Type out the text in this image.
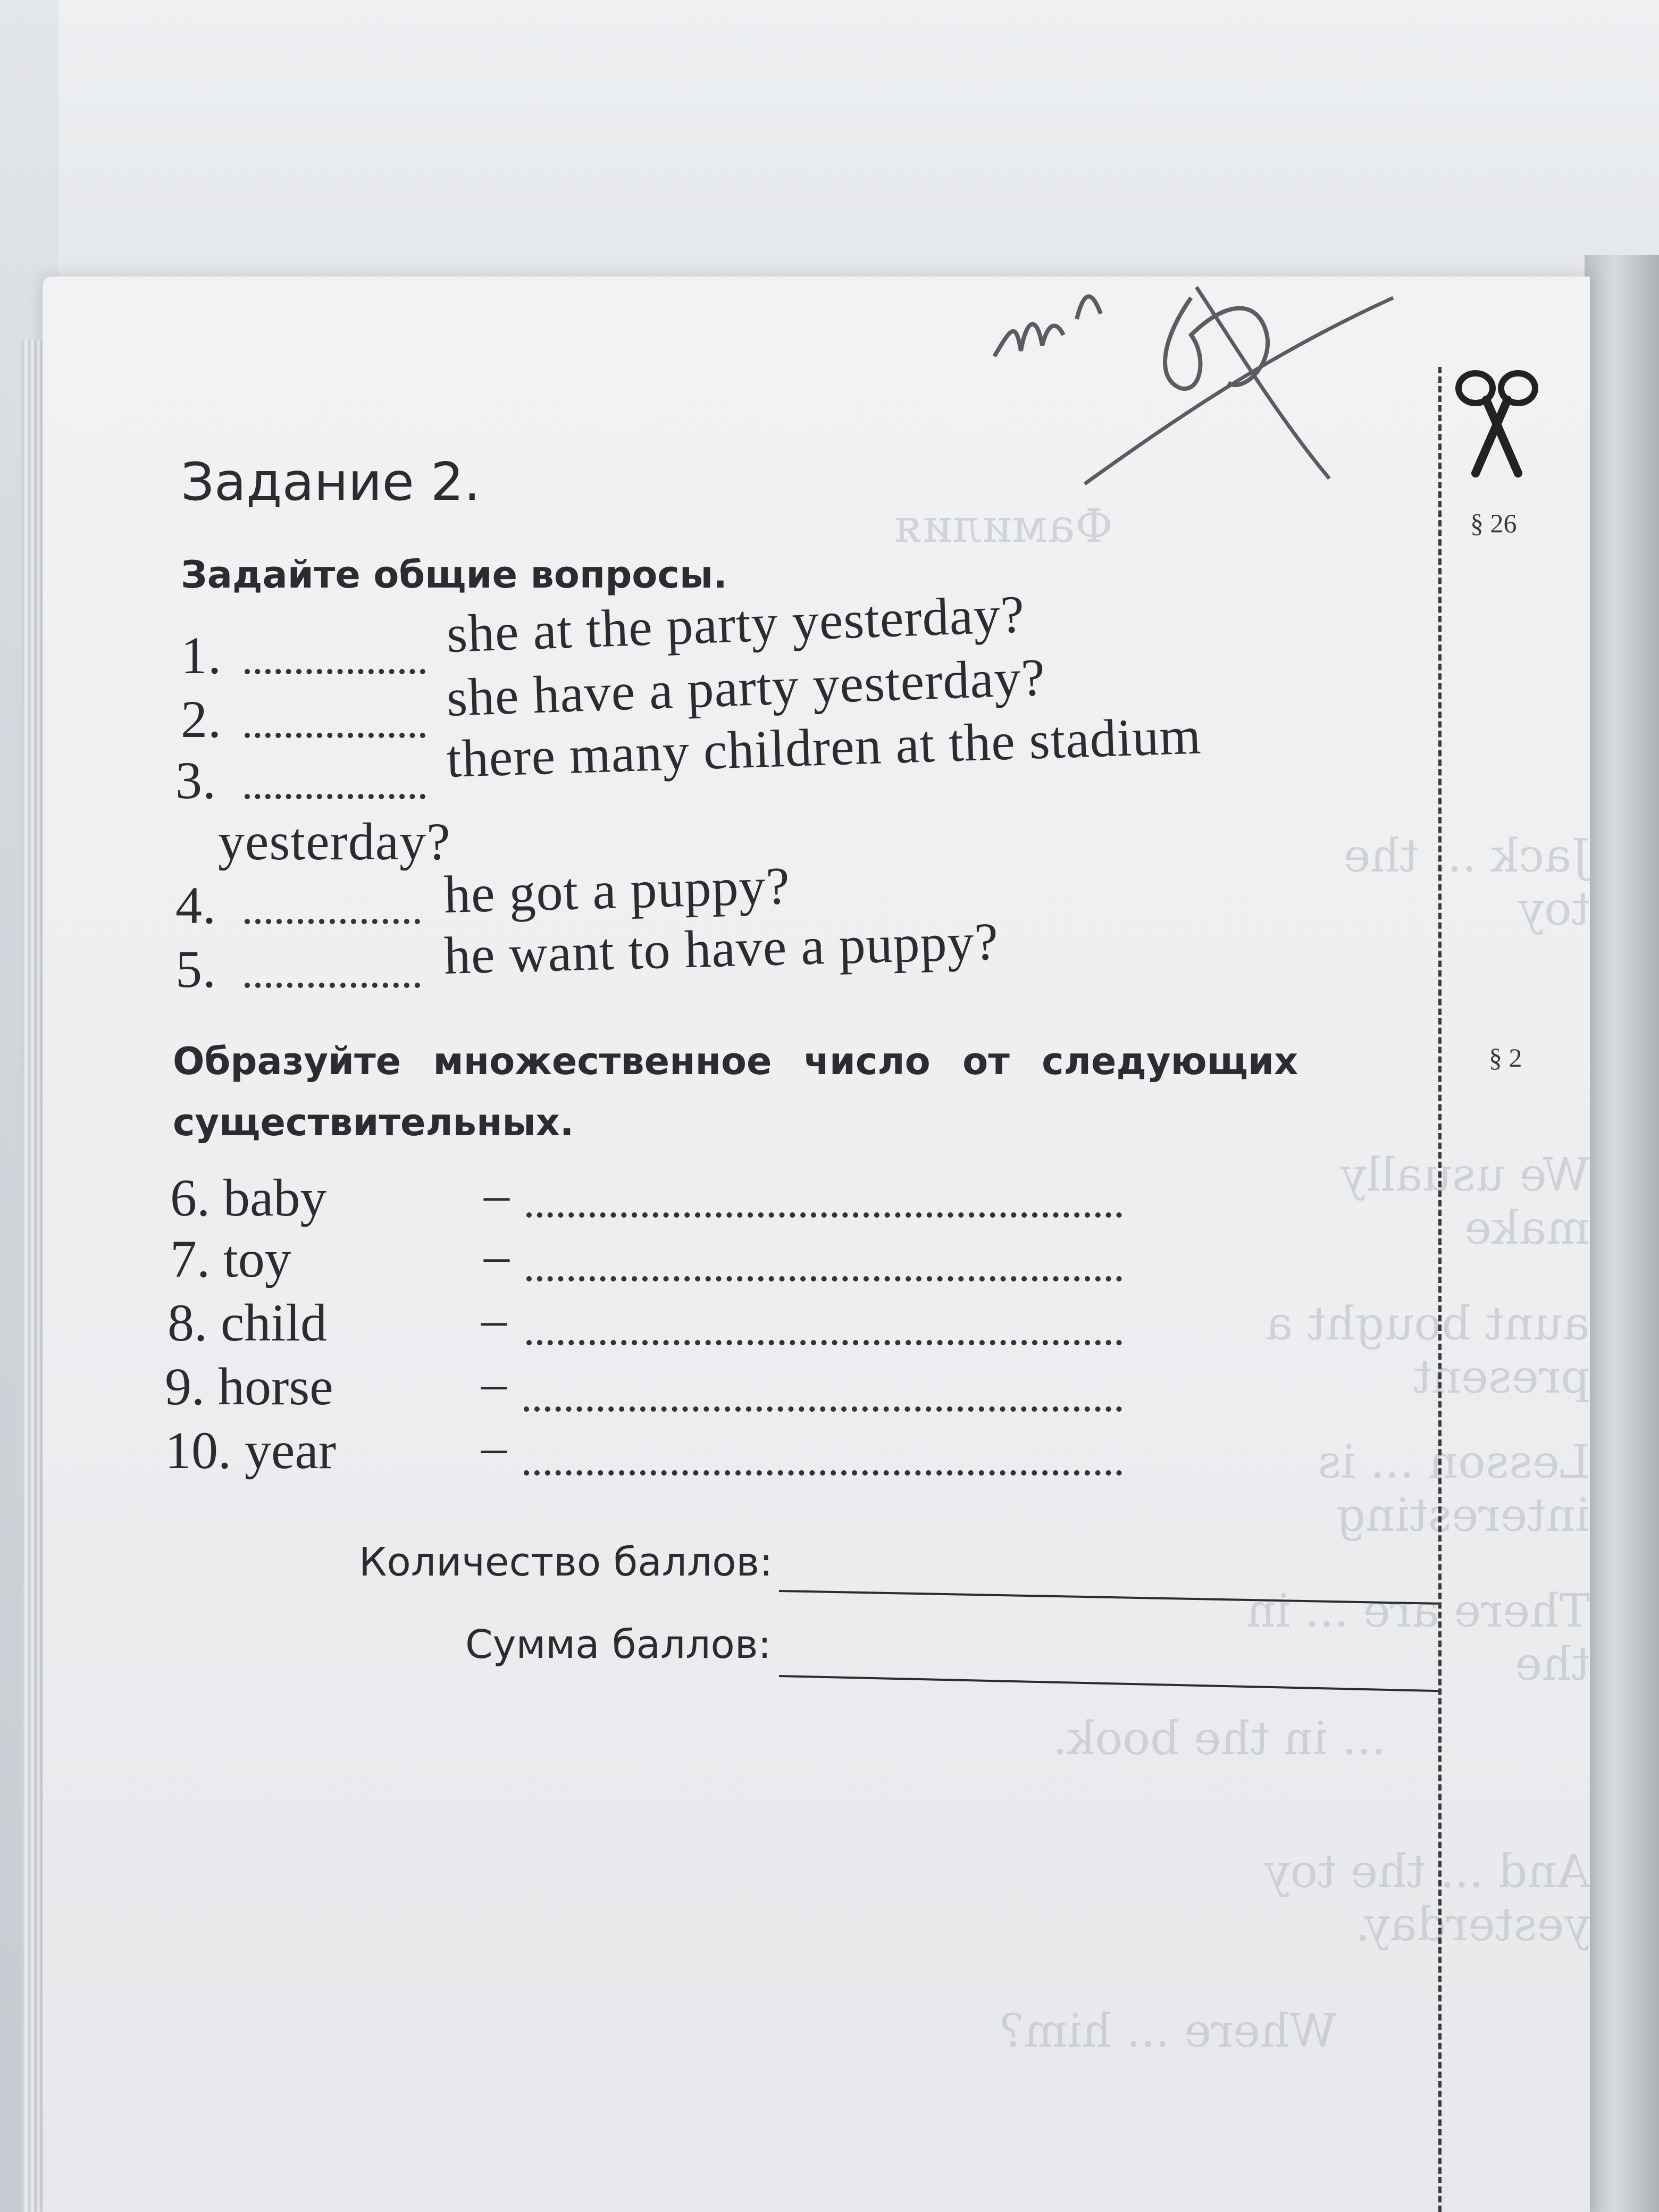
Фамилия
Jack ... the toy
We usually make
aunt bought a present
Lesson ... is interesting
There are ... in the
... in the book.
And ... the toy yesterday.
Where ... him?
§ 26
§ 2
Задание 2.
Задайте общие вопросы.
1.	she at the party yesterday?
2.	she have a party yesterday?
3.	there many children at the stadium
yesterday?
4.	he got a puppy?
5.	he want to have a puppy?
Образуйте множественное число от следующих
существительных.
6. baby	–
7. toy	–
8. child	–
9. horse	–
10. year	–
Количество баллов:
Сумма баллов:
